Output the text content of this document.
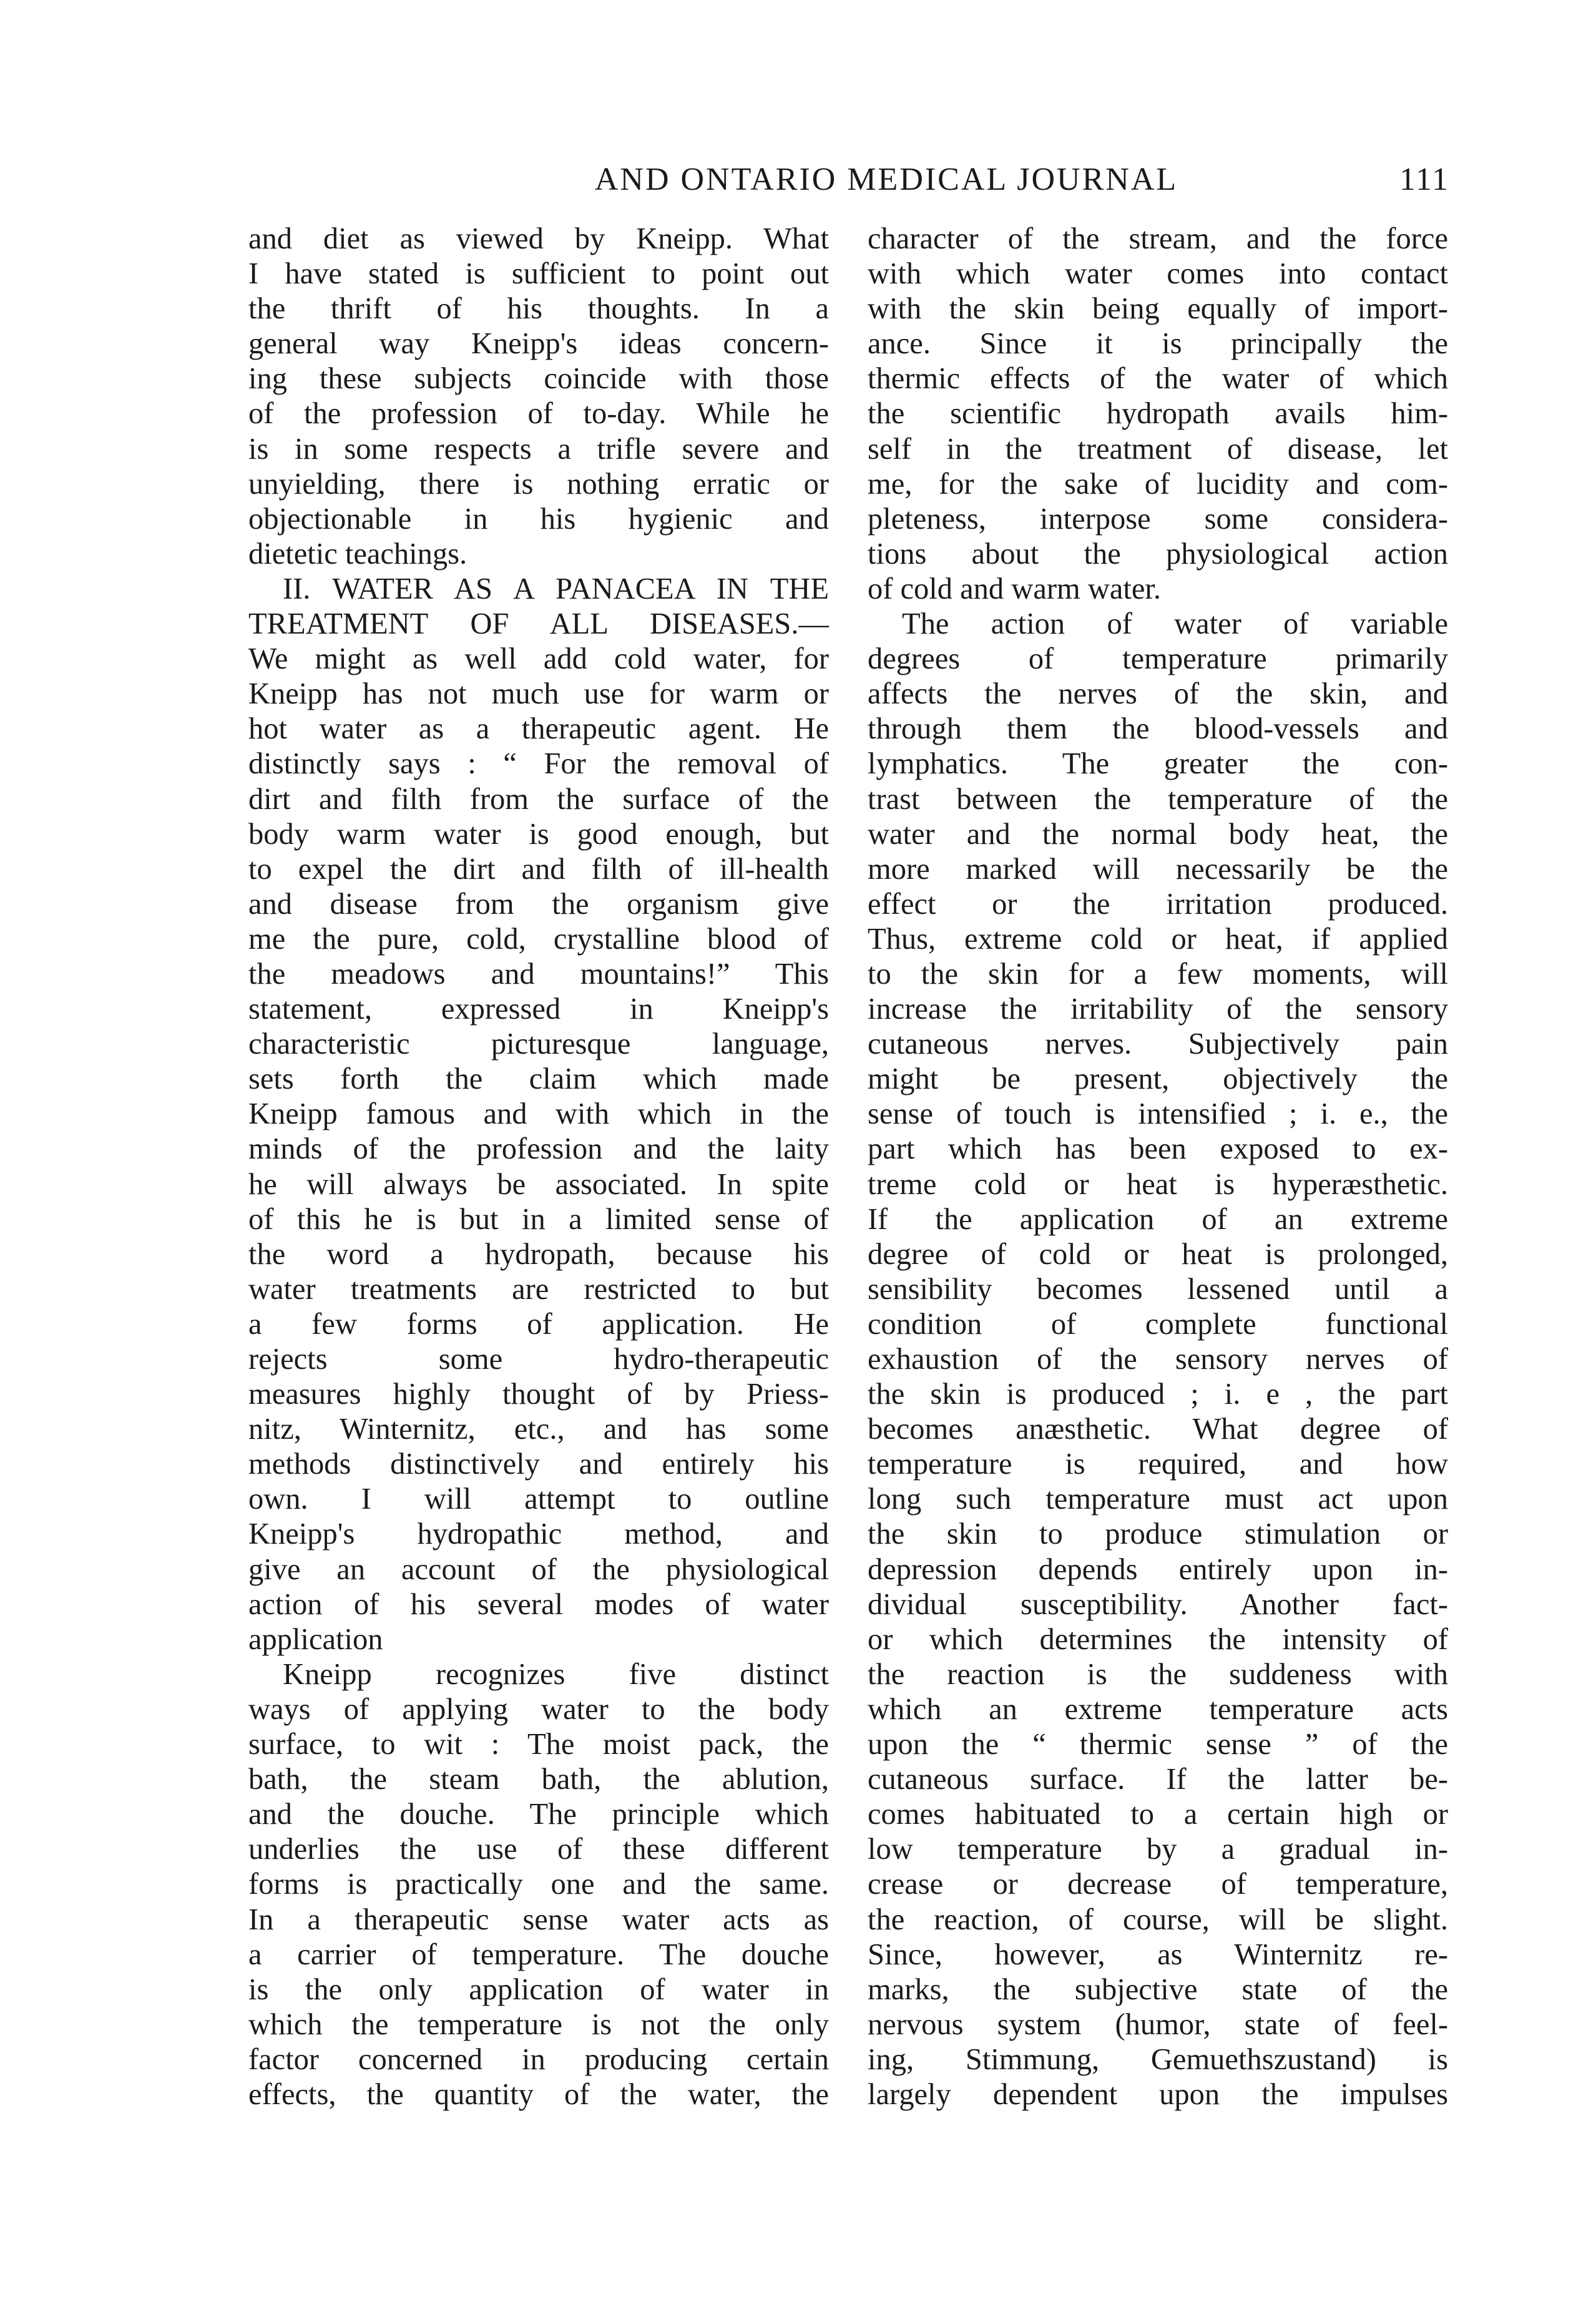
AND ONTARIO MEDICAL JOURNAL	111
and diet as viewed by Kneipp. What
I have stated is sufficient to point out
the thrift of his thoughts. In a
general way Kneipp's ideas concern-
ing these subjects coincide with those
of the profession of to-day. While he
is in some respects a trifle severe and
unyielding, there is nothing erratic or
objectionable in his hygienic and
dietetic teachings.
II. WATER AS A PANACEA IN THE
TREATMENT OF ALL DISEASES.—
We might as well add cold water, for
Kneipp has not much use for warm or
hot water as a therapeutic agent. He
distinctly says : “ For the removal of
dirt and filth from the surface of the
body warm water is good enough, but
to expel the dirt and filth of ill-health
and disease from the organism give
me the pure, cold, crystalline blood of
the meadows and mountains!” This
statement, expressed in Kneipp's
characteristic picturesque language,
sets forth the claim which made
Kneipp famous and with which in the
minds of the profession and the laity
he will always be associated. In spite
of this he is but in a limited sense of
the word a hydropath, because his
water treatments are restricted to but
a few forms of application. He
rejects some hydro-therapeutic
measures highly thought of by Priess-
nitz, Winternitz, etc., and has some
methods distinctively and entirely his
own. I will attempt to outline
Kneipp's hydropathic method, and
give an account of the physiological
action of his several modes of water
application
Kneipp recognizes five distinct
ways of applying water to the body
surface, to wit : The moist pack, the
bath, the steam bath, the ablution,
and the douche. The principle which
underlies the use of these different
forms is practically one and the same.
In a therapeutic sense water acts as
a carrier of temperature. The douche
is the only application of water in
which the temperature is not the only
factor concerned in producing certain
effects, the quantity of the water, the
character of the stream, and the force
with which water comes into contact
with the skin being equally of import-
ance. Since it is principally the
thermic effects of the water of which
the scientific hydropath avails him-
self in the treatment of disease, let
me, for the sake of lucidity and com-
pleteness, interpose some considera-
tions about the physiological action
of cold and warm water.
The action of water of variable
degrees of temperature primarily
affects the nerves of the skin, and
through them the blood-vessels and
lymphatics. The greater the con-
trast between the temperature of the
water and the normal body heat, the
more marked will necessarily be the
effect or the irritation produced.
Thus, extreme cold or heat, if applied
to the skin for a few moments, will
increase the irritability of the sensory
cutaneous nerves. Subjectively pain
might be present, objectively the
sense of touch is intensified ; i. e., the
part which has been exposed to ex-
treme cold or heat is hyperæsthetic.
If the application of an extreme
degree of cold or heat is prolonged,
sensibility becomes lessened until a
condition of complete functional
exhaustion of the sensory nerves of
the skin is produced ; i. e , the part
becomes anæsthetic. What degree of
temperature is required, and how
long such temperature must act upon
the skin to produce stimulation or
depression depends entirely upon in-
dividual susceptibility. Another fact-
or which determines the intensity of
the reaction is the suddeness with
which an extreme temperature acts
upon the “ thermic sense ” of the
cutaneous surface. If the latter be-
comes habituated to a certain high or
low temperature by a gradual in-
crease or decrease of temperature,
the reaction, of course, will be slight.
Since, however, as Winternitz re-
marks, the subjective state of the
nervous system (humor, state of feel-
ing, Stimmung, Gemuethszustand) is
largely dependent upon the impulses
